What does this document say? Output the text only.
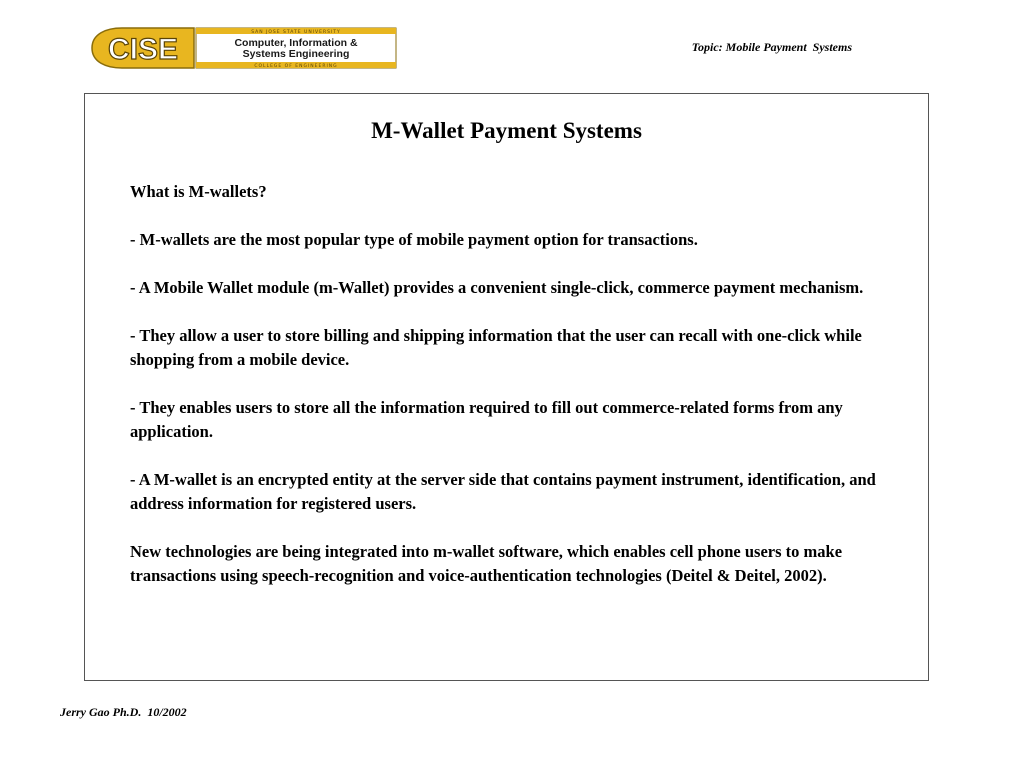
CISE
SAN JOSE STATE UNIVERSITY
Computer, Information &
Systems Engineering
COLLEGE OF ENGINEERING
Topic: Mobile Payment  Systems
M-Wallet Payment Systems

What is M-wallets?

- M-wallets are the most popular type of mobile payment option for transactions.

- A Mobile Wallet module (m-Wallet) provides a convenient single-click, commerce payment mechanism.

- They allow a user to store billing and shipping information that the user can recall with one-click while shopping from a mobile device.

- They enables users to store all the information required to fill out commerce-related forms from any application.

- A M-wallet is an encrypted entity at the server side that contains payment instrument, identification, and address information for registered users.

New technologies are being integrated into m-wallet software, which enables cell phone users to make transactions using speech-recognition and voice-authentication technologies (Deitel & Deitel, 2002).

Jerry Gao Ph.D.  10/2002
